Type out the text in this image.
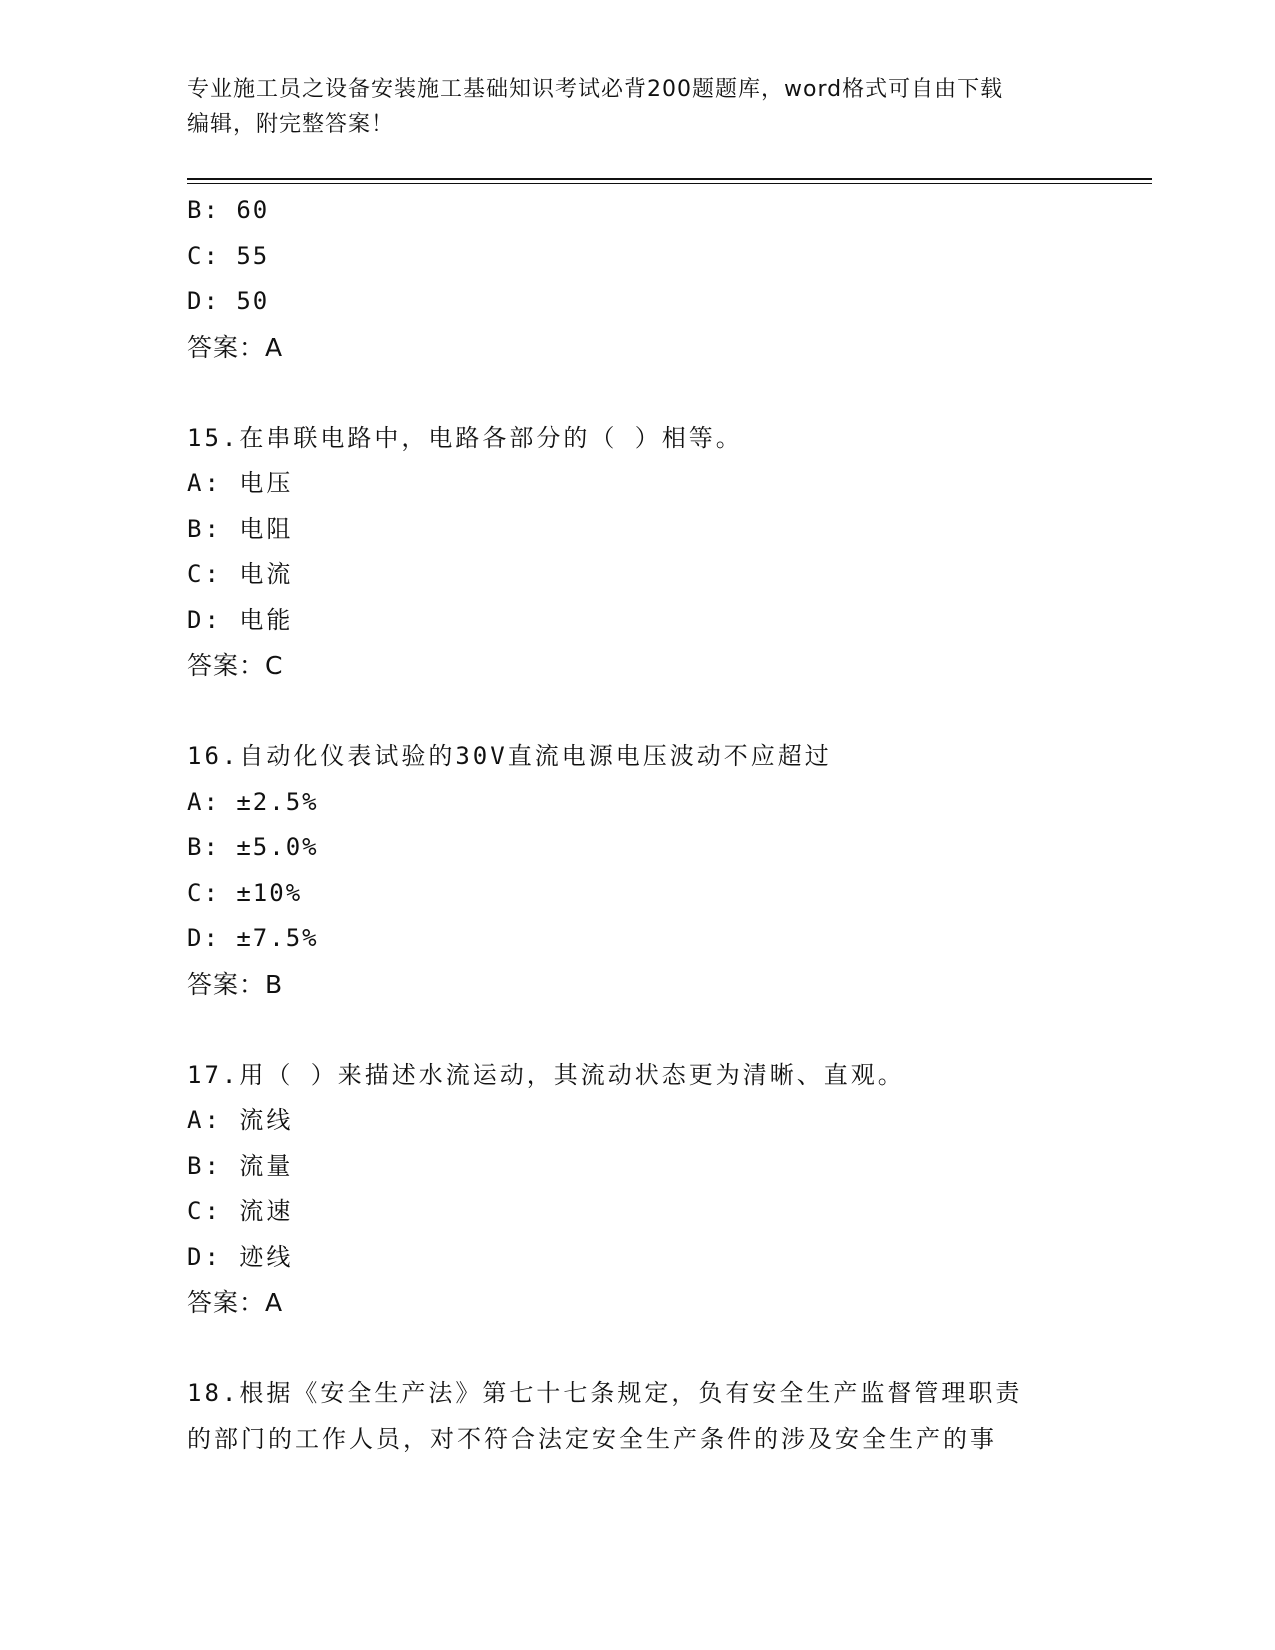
专业施工员之设备安装施工基础知识考试必背200题题库，word格式可自由下载
编辑，附完整答案！
B: 60
C: 55
D: 50
答案：A
15.在串联电路中，电路各部分的（ ）相等。
A: 电压
B: 电阻
C: 电流
D: 电能
答案：C
16.自动化仪表试验的30V直流电源电压波动不应超过
A: ±2.5%
B: ±5.0%
C: ±10%
D: ±7.5%
答案：B
17.用（ ）来描述水流运动，其流动状态更为清晰、直观。
A: 流线
B: 流量
C: 流速
D: 迹线
答案：A
18.根据《安全生产法》第七十七条规定，负有安全生产监督管理职责
的部门的工作人员，对不符合法定安全生产条件的涉及安全生产的事
